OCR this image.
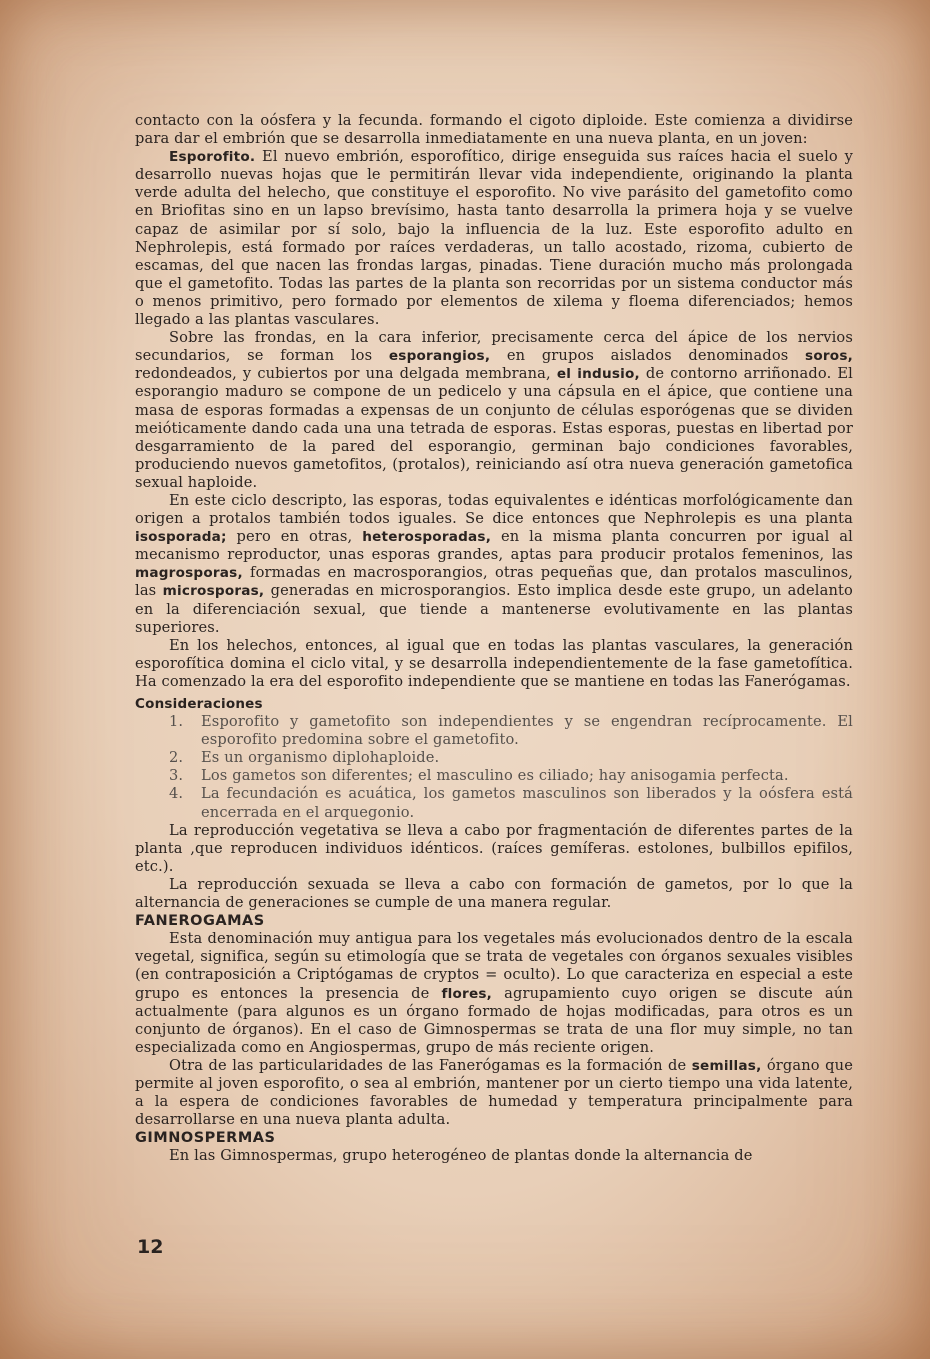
contacto con la oósfera y la fecunda. formando el cigoto diploide. Este comienza a dividirse para dar el embrión que se desarrolla inmediatamente en una nueva planta, en un joven:

Esporofito. El nuevo embrión, esporofítico, dirige enseguida sus raíces hacia el suelo y desarrollo nuevas hojas que le permitirán llevar vida independiente, originando la planta verde adulta del helecho, que constituye el esporofito. No vive parásito del gametofito como en Briofitas sino en un lapso brevísimo, hasta tanto desarrolla la primera hoja y se vuelve capaz de asimilar por sí solo, bajo la influencia de la luz. Este esporofito adulto en Nephrolepis, está formado por raíces verdaderas, un tallo acostado, rizoma, cubierto de escamas, del que nacen las frondas largas, pinadas. Tiene duración mucho más prolongada que el gametofito. Todas las partes de la planta son recorridas por un sistema conductor más o menos primitivo, pero formado por elementos de xilema y floema diferenciados; hemos llegado a las plantas vasculares.

Sobre las frondas, en la cara inferior, precisamente cerca del ápice de los nervios secundarios, se forman los esporangios, en grupos aislados denominados soros, redondeados, y cubiertos por una delgada membrana, el indusio, de contorno arriñonado. El esporangio maduro se compone de un pedicelo y una cápsula en el ápice, que contiene una masa de esporas formadas a expensas de un conjunto de células esporógenas que se dividen meióticamente dando cada una una tetrada de esporas. Estas esporas, puestas en libertad por desgarramiento de la pared del esporangio, germinan bajo condiciones favorables, produciendo nuevos gametofitos, (protalos), reiniciando así otra nueva generación gametofica sexual haploide.

En este ciclo descripto, las esporas, todas equivalentes e idénticas morfológicamente dan origen a protalos también todos iguales. Se dice entonces que Nephrolepis es una planta isosporada; pero en otras, heterosporadas, en la misma planta concurren por igual al mecanismo reproductor, unas esporas grandes, aptas para producir protalos femeninos, las magrosporas, formadas en macrosporangios, otras pequeñas que, dan protalos masculinos, las microsporas, generadas en microsporangios. Esto implica desde este grupo, un adelanto en la diferenciación sexual, que tiende a mantenerse evolutivamente en las plantas superiores.

En los helechos, entonces, al igual que en todas las plantas vasculares, la generación esporofítica domina el ciclo vital, y se desarrolla independientemente de la fase gametofítica. Ha comenzado la era del esporofito independiente que se mantiene en todas las Fanerógamas.

Consideraciones
1. Esporofito y gametofito son independientes y se engendran recíprocamente. El esporofito predomina sobre el gametofito.
2. Es un organismo diplohaploide.
3. Los gametos son diferentes; el masculino es ciliado; hay anisogamia perfecta.
4. La fecundación es acuática, los gametos masculinos son liberados y la oósfera está encerrada en el arquegonio.

La reproducción vegetativa se lleva a cabo por fragmentación de diferentes partes de la planta ,que reproducen individuos idénticos. (raíces gemíferas. estolones, bulbillos epifilos, etc.).

La reproducción sexuada se lleva a cabo con formación de gametos, por lo que la alternancia de generaciones se cumple de una manera regular.

FANEROGAMAS

Esta denominación muy antigua para los vegetales más evolucionados dentro de la escala vegetal, significa, según su etimología que se trata de vegetales con órganos sexuales visibles (en contraposición a Criptógamas de cryptos = oculto). Lo que caracteriza en especial a este grupo es entonces la presencia de flores, agrupamiento cuyo origen se discute aún actualmente (para algunos es un órgano formado de hojas modificadas, para otros es un conjunto de órganos). En el caso de Gimnospermas se trata de una flor muy simple, no tan especializada como en Angiospermas, grupo de más reciente origen.

Otra de las particularidades de las Fanerógamas es la formación de semillas, órgano que permite al joven esporofito, o sea al embrión, mantener por un cierto tiempo una vida latente, a la espera de condiciones favorables de humedad y temperatura principalmente para desarrollarse en una nueva planta adulta.

GIMNOSPERMAS

En las Gimnospermas, grupo heterogéneo de plantas donde la alternancia de

12
